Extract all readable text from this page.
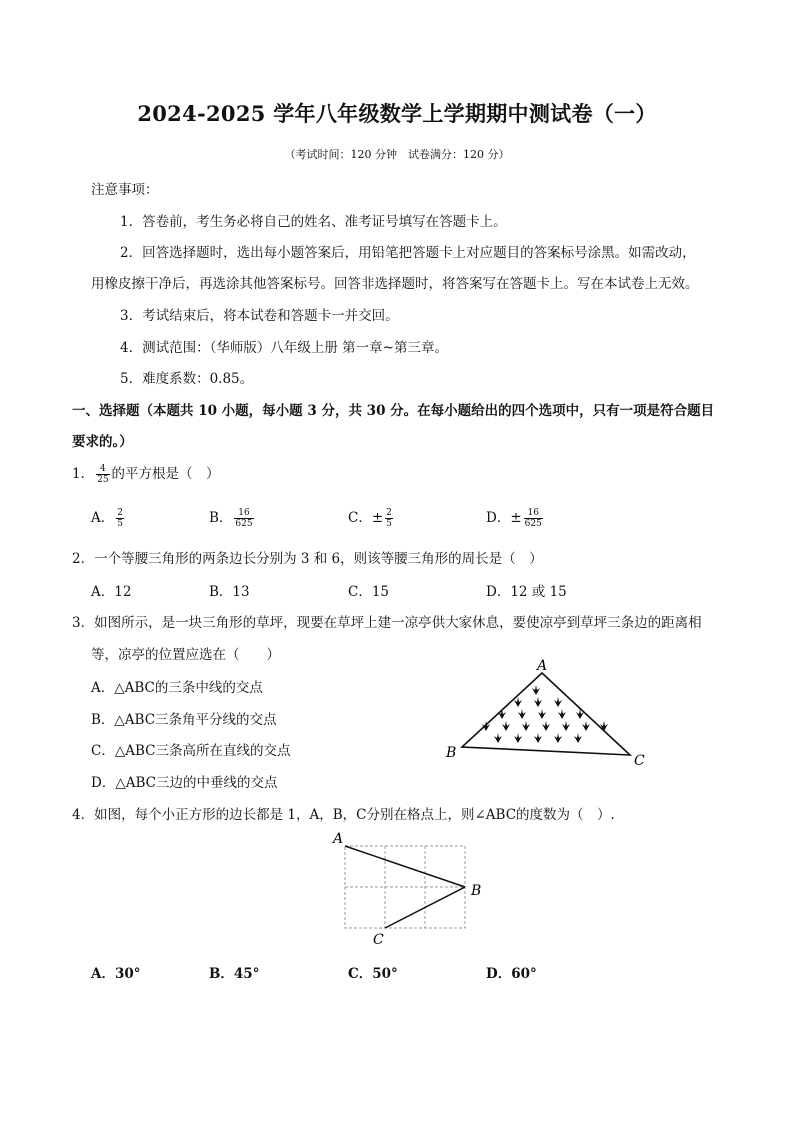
2024-2025 学年八年级数学上学期期中测试卷（一）
（考试时间：120 分钟　试卷满分：120 分）
注意事项：
1．答卷前，考生务必将自己的姓名、准考证号填写在答题卡上。
2．回答选择题时，选出每小题答案后，用铅笔把答题卡上对应题目的答案标号涂黑。如需改动，
用橡皮擦干净后，再选涂其他答案标号。回答非选择题时，将答案写在答题卡上。写在本试卷上无效。
3．考试结束后，将本试卷和答题卡一并交回。
4．测试范围：（华师版）八年级上册 第一章~第三章。
5．难度系数：0.85。
一、选择题（本题共 10 小题，每小题 3 分，共 30 分。在每小题给出的四个选项中，只有一项是符合题目
要求的。）
1． $\frac{4}{25}$ 的平方根是（　）
A． $\frac{2}{5}$	B． $\frac{16}{625}$	C．± $\frac{2}{5}$	D．± $\frac{16}{625}$
2．一个等腰三角形的两条边长分别为 3 和 6，则该等腰三角形的周长是（　）
A．12	B．13	C．15	D．12 或 15
3．如图所示，是一块三角形的草坪，现要在草坪上建一凉亭供大家休息，要使凉亭到草坪三条边的距离相
等，凉亭的位置应选在（　　）
A．△ABC的三条中线的交点
B．△ABC三条角平分线的交点
C．△ABC三条高所在直线的交点
D．△ABC三边的中垂线的交点
A
B	C
4．如图，每个小正方形的边长都是 1，A，B，C分别在格点上，则∠ABC的度数为（　）.
A
B
C
A．30°	B．45°	C．50°	D．60°
